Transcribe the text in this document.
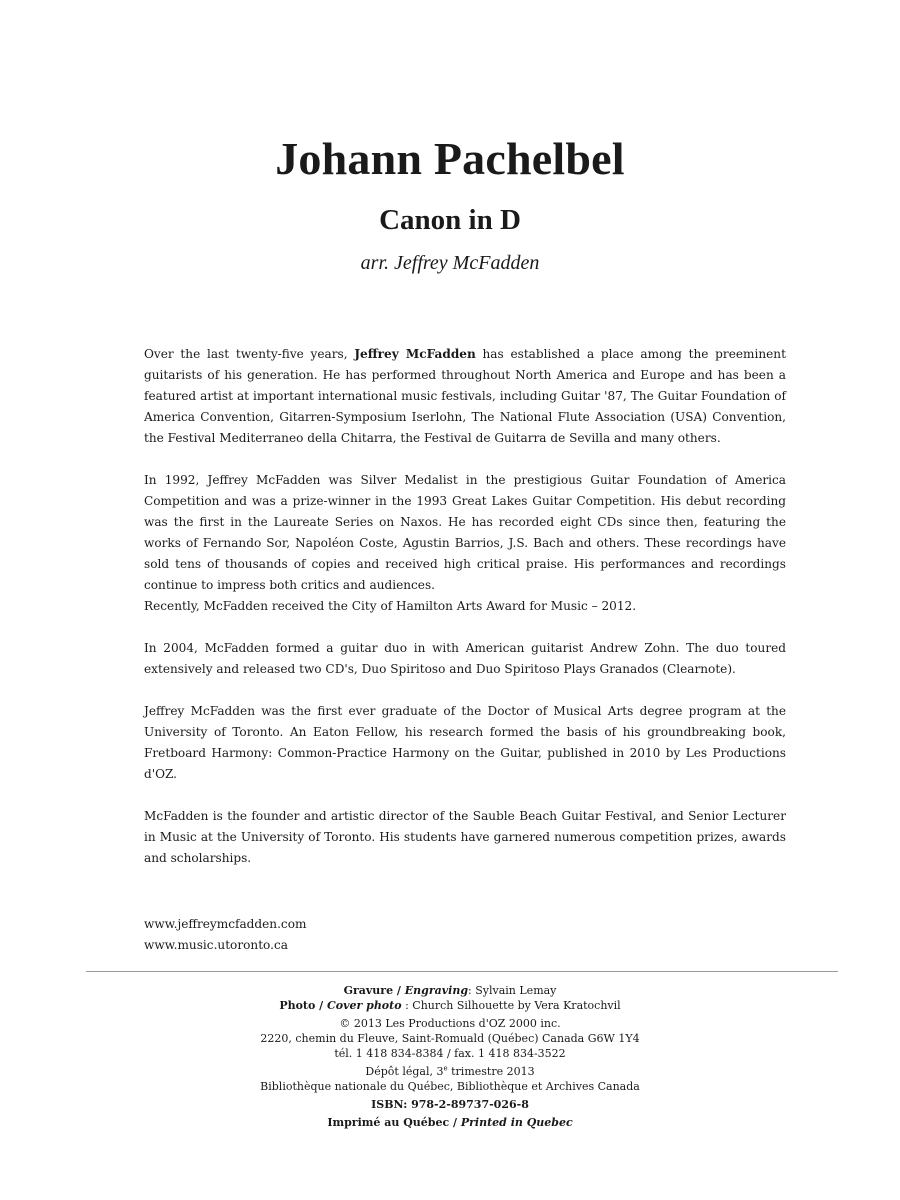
Johann Pachelbel
Canon in D
arr. Jeffrey McFadden

Over the last twenty-five years, Jeffrey McFadden has established a place among the preeminent guitarists of his generation. He has performed throughout North America and Europe and has been a featured artist at important international music festivals, including Guitar '87, The Guitar Foundation of America Convention, Gitarren-Symposium Iserlohn, The National Flute Association (USA) Convention, the Festival Mediterraneo della Chitarra, the Festival de Guitarra de Sevilla and many others.

In 1992, Jeffrey McFadden was Silver Medalist in the prestigious Guitar Foundation of America Competition and was a prize-winner in the 1993 Great Lakes Guitar Competition. His debut recording was the first in the Laureate Series on Naxos. He has recorded eight CDs since then, featuring the works of Fernando Sor, Napoléon Coste, Agustin Barrios, J.S. Bach and others. These recordings have sold tens of thousands of copies and received high critical praise. His performances and recordings continue to impress both critics and audiences.

Recently, McFadden received the City of Hamilton Arts Award for Music – 2012.

In 2004, McFadden formed a guitar duo in with American guitarist Andrew Zohn. The duo toured extensively and released two CD's, Duo Spiritoso and Duo Spiritoso Plays Granados (Clearnote).

Jeffrey McFadden was the first ever graduate of the Doctor of Musical Arts degree program at the University of Toronto. An Eaton Fellow, his research formed the basis of his groundbreaking book, Fretboard Harmony: Common-Practice Harmony on the Guitar, published in 2010 by Les Productions d'OZ.

McFadden is the founder and artistic director of the Sauble Beach Guitar Festival, and Senior Lecturer in Music at the University of Toronto. His students have garnered numerous competition prizes, awards and scholarships.

www.jeffreymcfadden.com
www.music.utoronto.ca
Gravure / Engraving: Sylvain Lemay
Photo / Cover photo : Church Silhouette by Vera Kratochvil
© 2013 Les Productions d'OZ 2000 inc.
2220, chemin du Fleuve, Saint-Romuald (Québec) Canada G6W 1Y4
tél. 1 418 834-8384 / fax. 1 418 834-3522
Dépôt légal, 3e trimestre 2013
Bibliothèque nationale du Québec, Bibliothèque et Archives Canada
ISBN: 978-2-89737-026-8
Imprimé au Québec / Printed in Quebec
